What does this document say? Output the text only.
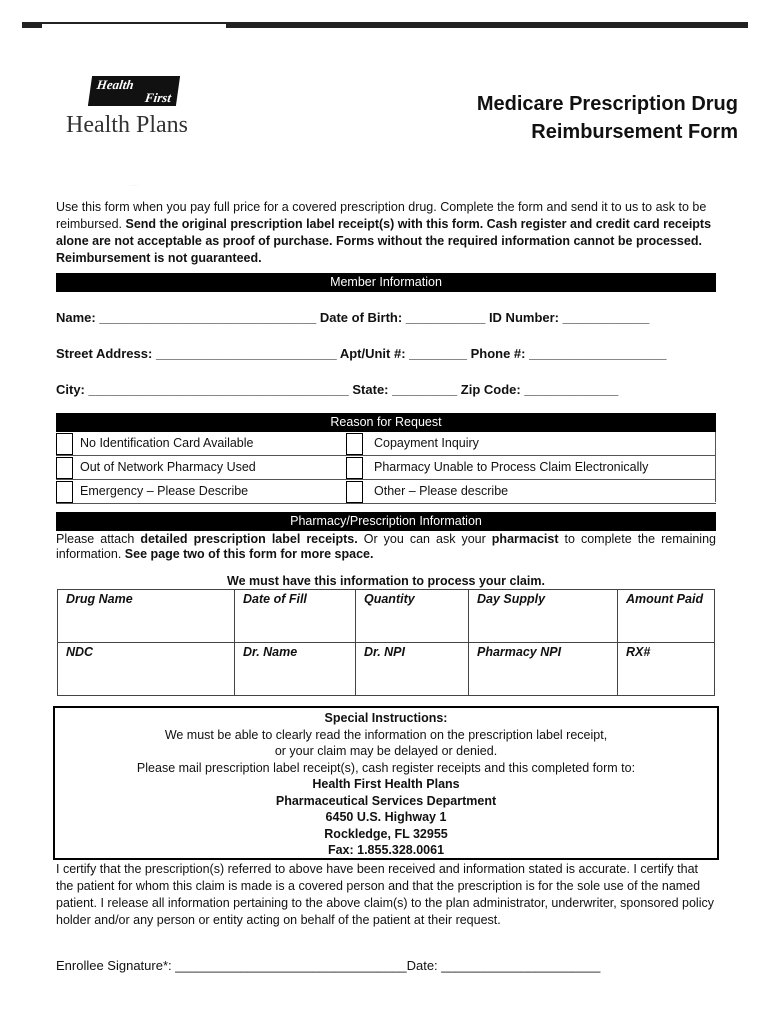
Health
First
Health Plans
Medicare Prescription Drug
Reimbursement Form
Use this form when you pay full price for a covered prescription drug. Complete the form and send it to us to ask to be reimbursed. Send the original prescription label receipt(s) with this form. Cash register and credit card receipts alone are not acceptable as proof of purchase. Forms without the required information cannot be processed. Reimbursement is not guaranteed.
Member Information
Name: ______________________________ Date of Birth: ___________ ID Number: ____________
Street Address: _________________________ Apt/Unit #: ________ Phone #: ___________________
City: ____________________________________ State: _________ Zip Code: _____________
Reason for Request
No Identification Card Available	Copayment Inquiry
Out of Network Pharmacy Used	Pharmacy Unable to Process Claim Electronically
Emergency – Please Describe	Other – Please describe
Pharmacy/Prescription Information
Please attach detailed prescription label receipts. Or you can ask your pharmacist to complete the remaining information. See page two of this form for more space.
We must have this information to process your claim.
Drug Name	Date of Fill	Quantity	Day Supply	Amount Paid
NDC	Dr. Name	Dr. NPI	Pharmacy NPI	RX#
Special Instructions:
We must be able to clearly read the information on the prescription label receipt,
or your claim may be delayed or denied.
Please mail prescription label receipt(s), cash register receipts and this completed form to:
Health First Health Plans
Pharmaceutical Services Department
6450 U.S. Highway 1
Rockledge, FL 32955
Fax: 1.855.328.0061
I certify that the prescription(s) referred to above have been received and information stated is accurate. I certify that the patient for whom this claim is made is a covered person and that the prescription is for the sole use of the named patient. I release all information pertaining to the above claim(s) to the plan administrator, underwriter, sponsored policy holder and/or any person or entity acting on behalf of the patient at their request.
Enrollee Signature*: ________________________________Date: ______________________
